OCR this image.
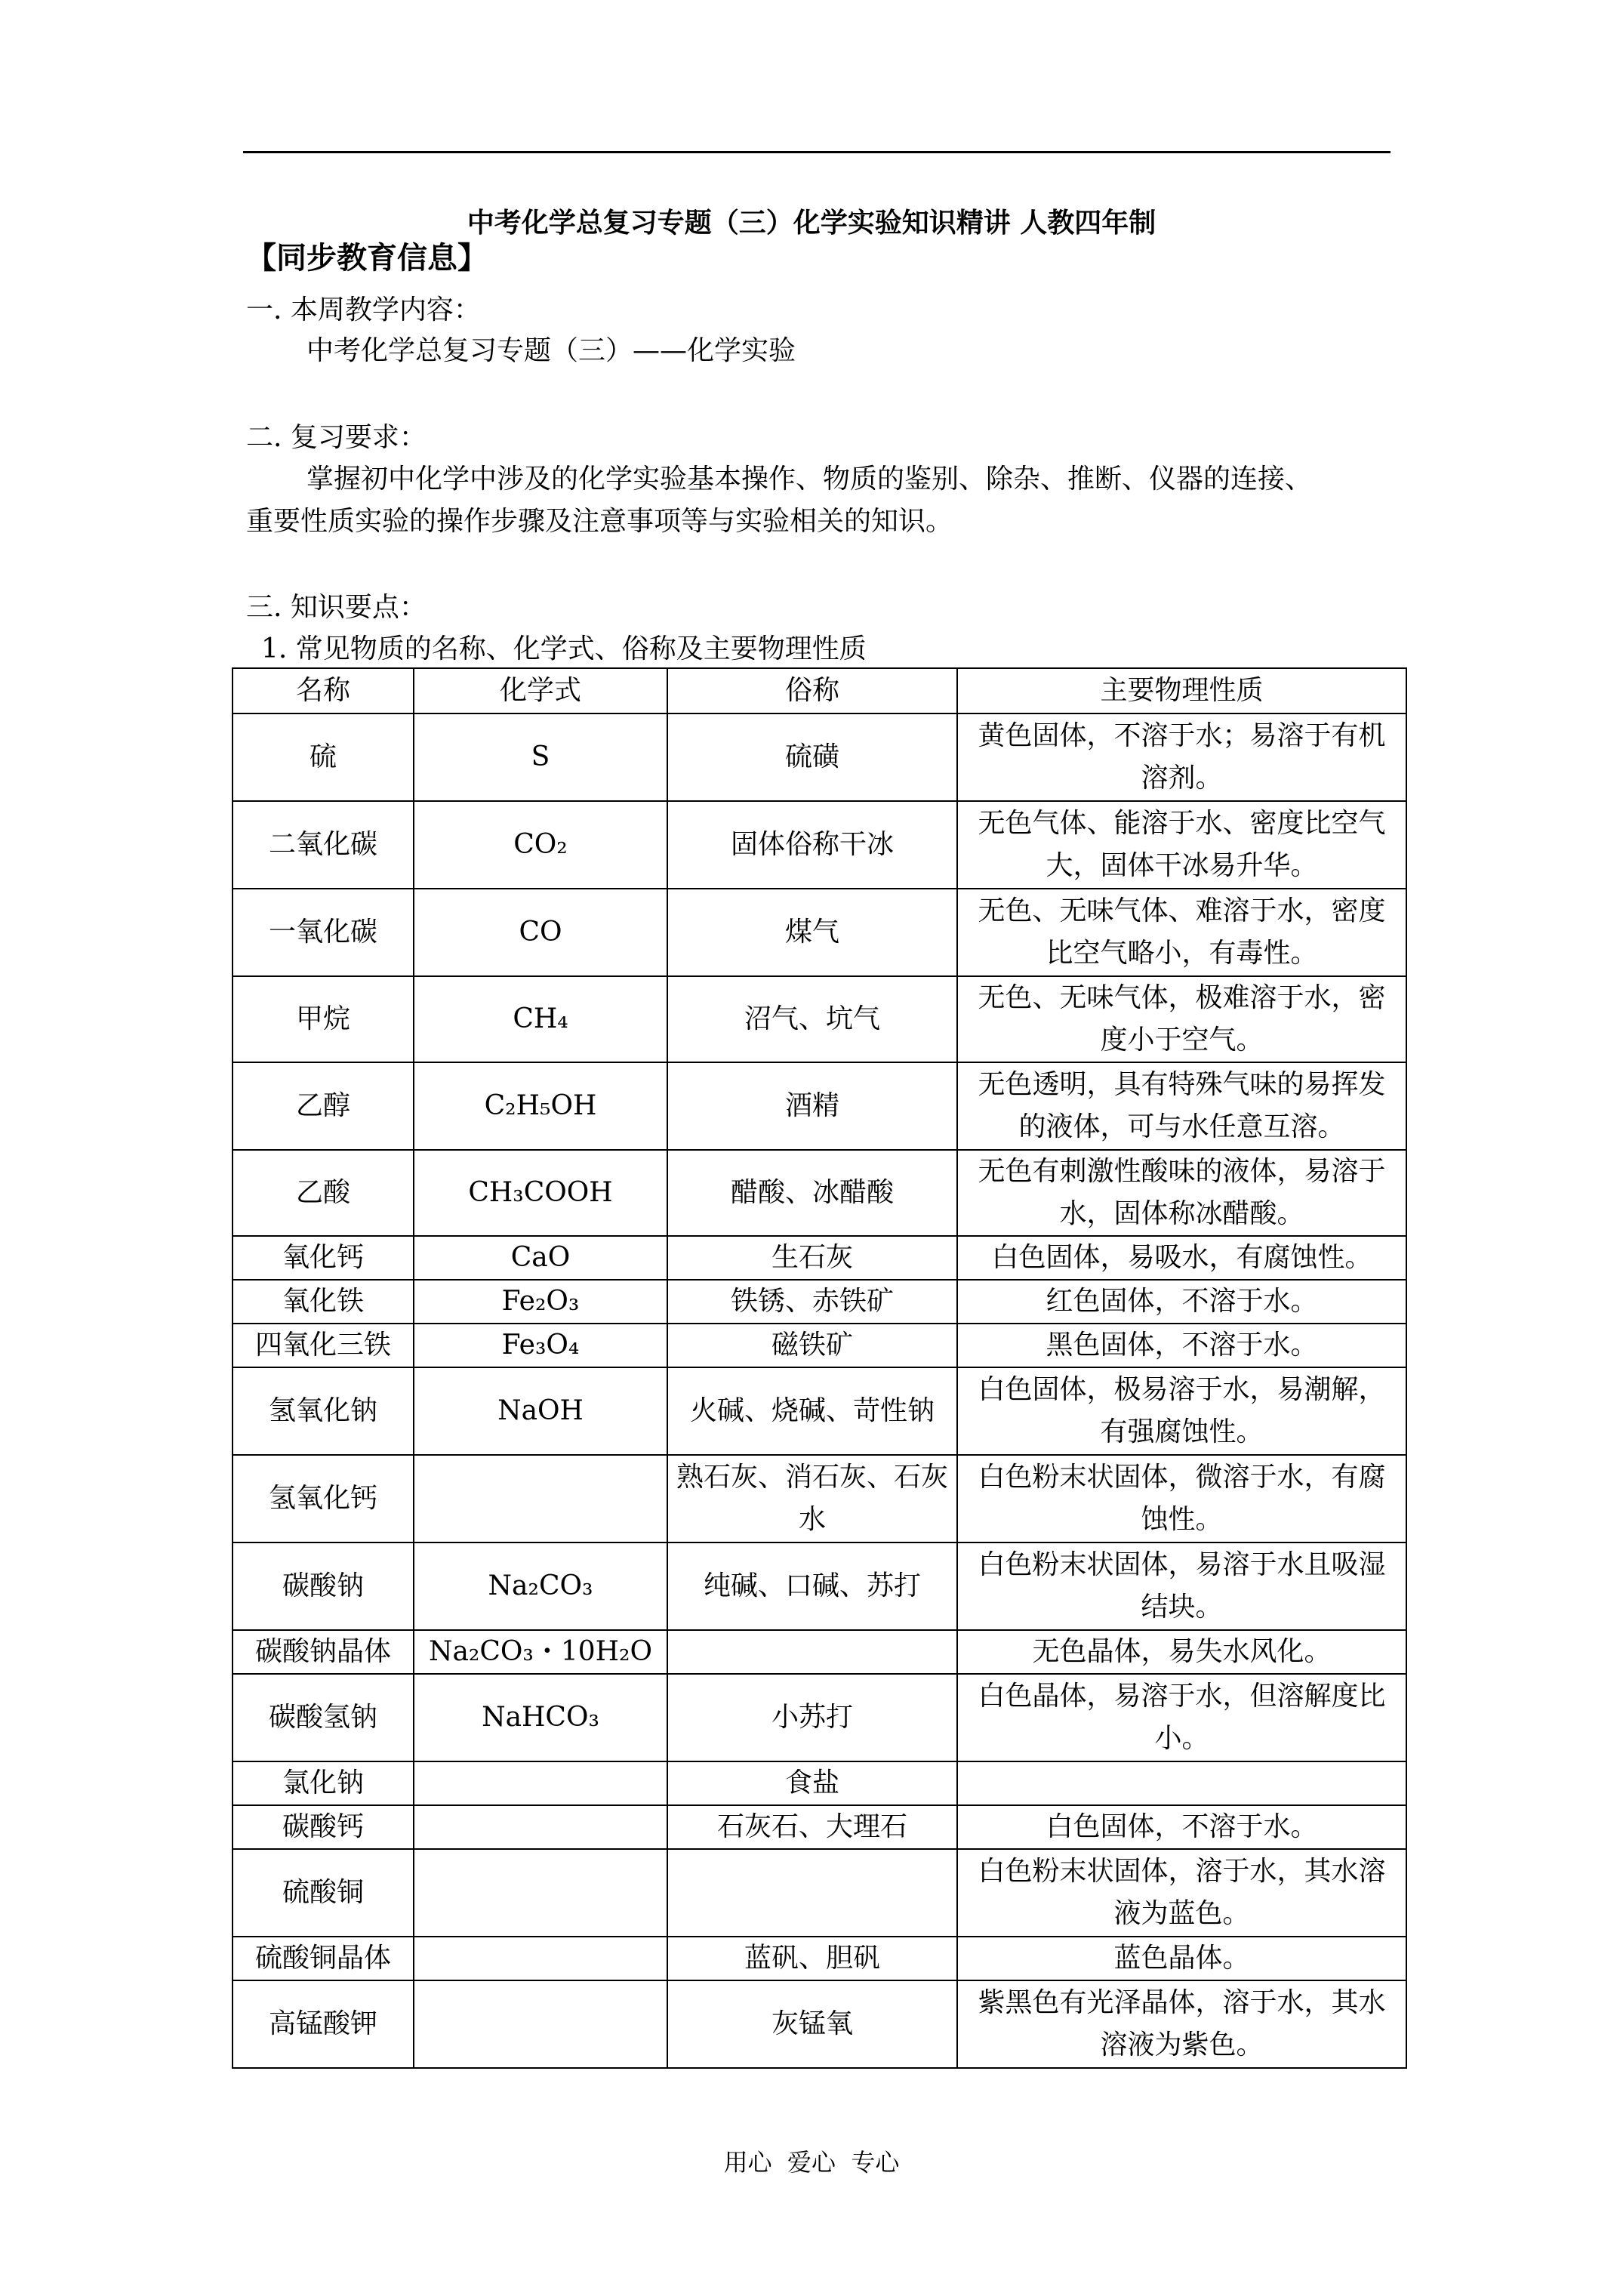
中考化学总复习专题（三）化学实验知识精讲 人教四年制
【同步教育信息】
一. 本周教学内容：
中考化学总复习专题（三）——化学实验
二. 复习要求：
掌握初中化学中涉及的化学实验基本操作、物质的鉴别、除杂、推断、仪器的连接、
重要性质实验的操作步骤及注意事项等与实验相关的知识。
三. 知识要点：
1. 常见物质的名称、化学式、俗称及主要物理性质
名称	化学式	俗称	主要物理性质
硫	S	硫磺	黄色固体，不溶于水；易溶于有机溶剂。
二氧化碳	CO₂	固体俗称干冰	无色气体、能溶于水、密度比空气大，固体干冰易升华。
一氧化碳	CO	煤气	无色、无味气体、难溶于水，密度比空气略小，有毒性。
甲烷	CH₄	沼气、坑气	无色、无味气体，极难溶于水，密度小于空气。
乙醇	C₂H₅OH	酒精	无色透明，具有特殊气味的易挥发的液体，可与水任意互溶。
乙酸	CH₃COOH	醋酸、冰醋酸	无色有刺激性酸味的液体，易溶于水，固体称冰醋酸。
氧化钙	CaO	生石灰	白色固体，易吸水，有腐蚀性。
氧化铁	Fe₂O₃	铁锈、赤铁矿	红色固体，不溶于水。
四氧化三铁	Fe₃O₄	磁铁矿	黑色固体，不溶于水。
氢氧化钠	NaOH	火碱、烧碱、苛性钠	白色固体，极易溶于水，易潮解，有强腐蚀性。
氢氧化钙		熟石灰、消石灰、石灰水	白色粉末状固体，微溶于水，有腐蚀性。
碳酸钠	Na₂CO₃	纯碱、口碱、苏打	白色粉末状固体，易溶于水且吸湿结块。
碳酸钠晶体	Na₂CO₃・10H₂O		无色晶体，易失水风化。
碳酸氢钠	NaHCO₃	小苏打	白色晶体，易溶于水，但溶解度比　　　　小。
氯化钠		食盐	
碳酸钙		石灰石、大理石	白色固体，不溶于水。
硫酸铜			白色粉末状固体，溶于水，其水溶液为蓝色。
硫酸铜晶体		蓝矾、胆矾	蓝色晶体。
高锰酸钾		灰锰氧	紫黑色有光泽晶体，溶于水，其水溶液为紫色。
用心  爱心  专心
